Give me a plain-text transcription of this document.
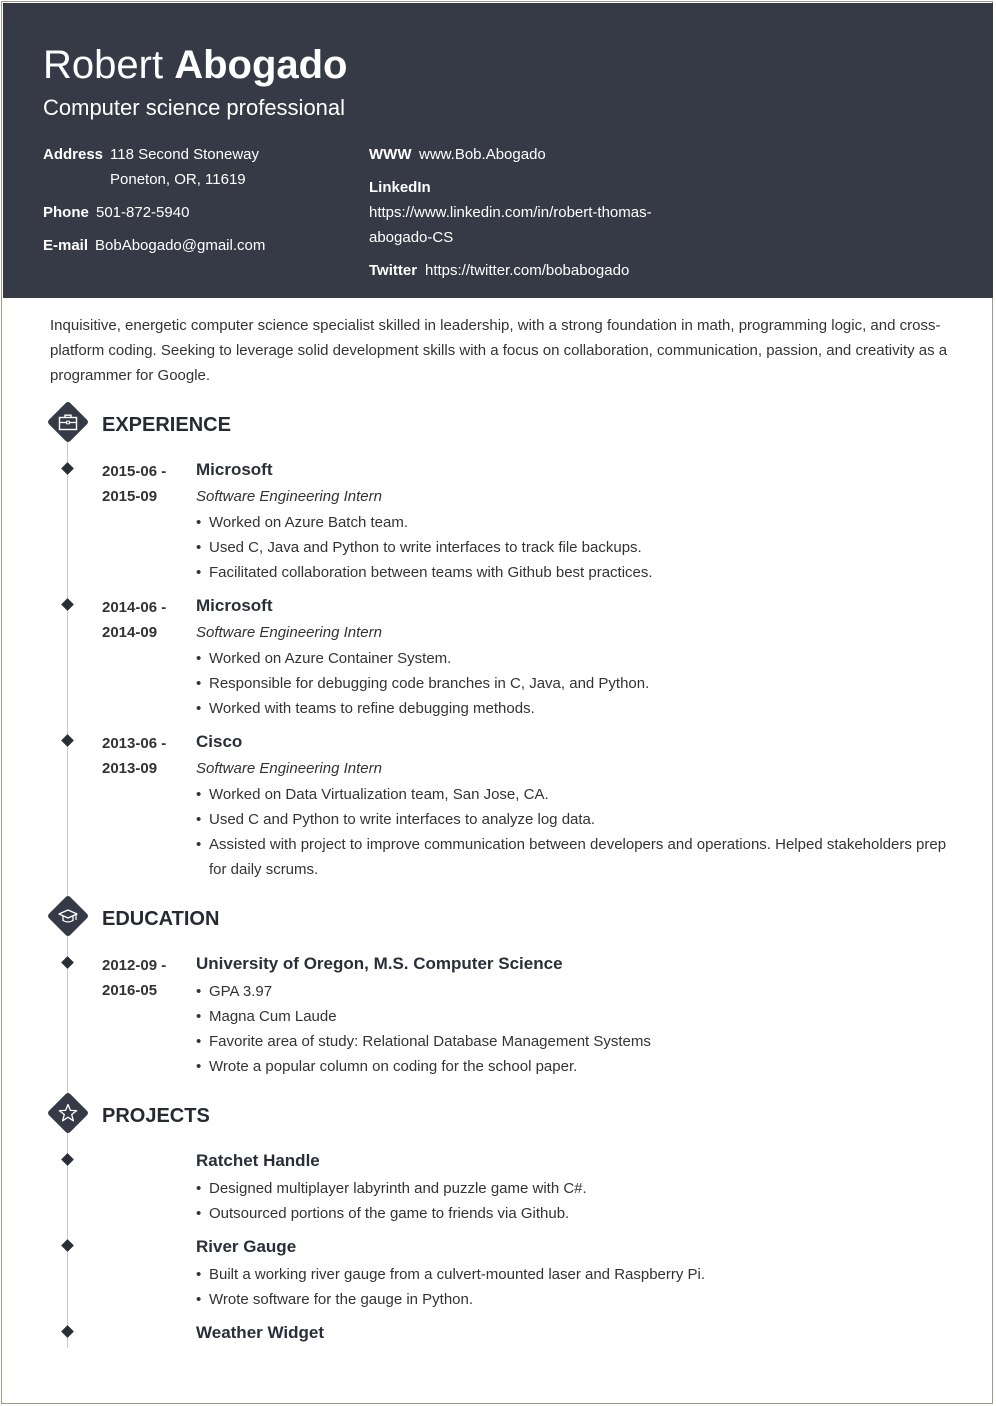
Robert Abogado
Computer science professional
Address 118 Second Stoneway
Poneton, OR, 11619
Phone 501-872-5940
E-mail BobAbogado@gmail.com
WWW www.Bob.Abogado
LinkedIn
https://www.linkedin.com/in/robert-thomas-
abogado-CS
Twitter https://twitter.com/bobabogado
Inquisitive, energetic computer science specialist skilled in leadership, with a strong foundation in math, programming logic, and cross-platform coding. Seeking to leverage solid development skills with a focus on collaboration, communication, passion, and creativity as a programmer for Google.
EXPERIENCE
2015-06 -
2015-09
Microsoft
Software Engineering Intern
• Worked on Azure Batch team.
• Used C, Java and Python to write interfaces to track file backups.
• Facilitated collaboration between teams with Github best practices.
2014-06 -
2014-09
Microsoft
Software Engineering Intern
• Worked on Azure Container System.
• Responsible for debugging code branches in C, Java, and Python.
• Worked with teams to refine debugging methods.
2013-06 -
2013-09
Cisco
Software Engineering Intern
• Worked on Data Virtualization team, San Jose, CA.
• Used C and Python to write interfaces to analyze log data.
• Assisted with project to improve communication between developers and operations. Helped stakeholders prep for daily scrums.
EDUCATION
2012-09 -
2016-05
University of Oregon, M.S. Computer Science
• GPA 3.97
• Magna Cum Laude
• Favorite area of study: Relational Database Management Systems
• Wrote a popular column on coding for the school paper.
PROJECTS
Ratchet Handle
• Designed multiplayer labyrinth and puzzle game with C#.
• Outsourced portions of the game to friends via Github.
River Gauge
• Built a working river gauge from a culvert-mounted laser and Raspberry Pi.
• Wrote software for the gauge in Python.
Weather Widget
